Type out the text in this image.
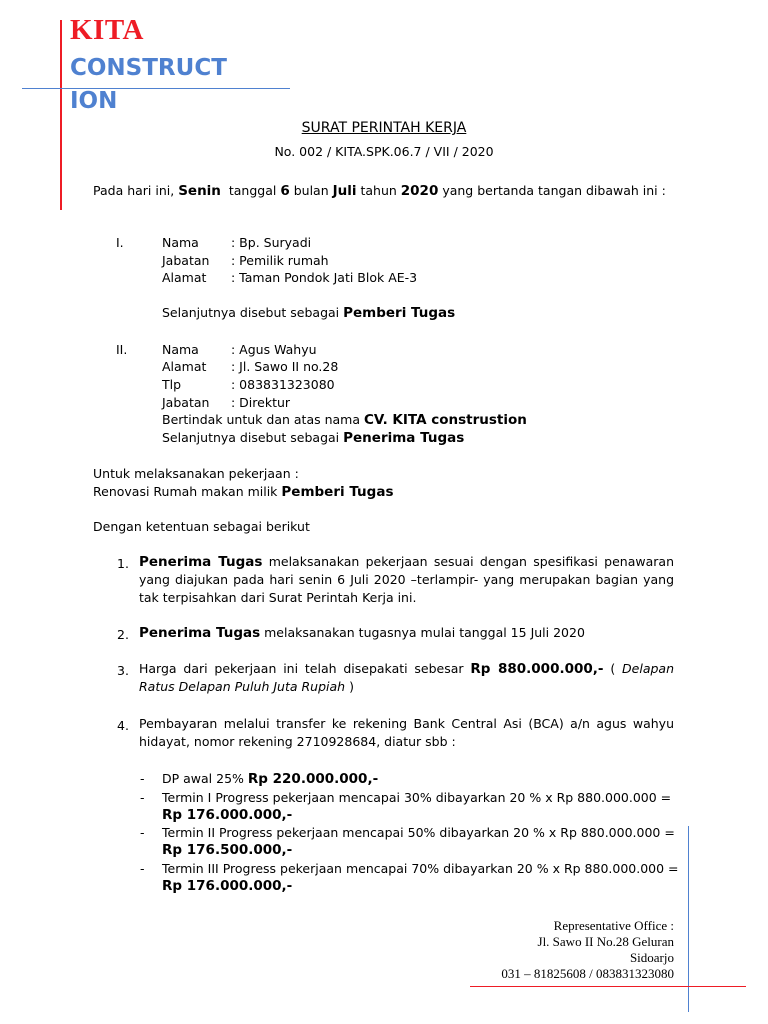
KITA
CONSTRUCT
ION
SURAT PERINTAH KERJA
No. 002 / KITA.SPK.06.7 / VII / 2020
Pada hari ini, Senin  tanggal 6 bulan Juli tahun 2020 yang bertanda tangan dibawah ini :
I.	Nama	: Bp. Suryadi
Jabatan : Pemilik rumah
Alamat : Taman Pondok Jati Blok AE-3
Selanjutnya disebut sebagai Pemberi Tugas
II.	Nama	: Agus Wahyu
Alamat : Jl. Sawo II no.28
Tlp	: 083831323080
Jabatan : Direktur
Bertindak untuk dan atas nama CV. KITA construstion
Selanjutnya disebut sebagai Penerima Tugas
Untuk melaksanakan pekerjaan :
Renovasi Rumah makan milik Pemberi Tugas
Dengan ketentuan sebagai berikut
1. Penerima Tugas melaksanakan pekerjaan sesuai dengan spesifikasi penawaran yang diajukan pada hari senin 6 Juli 2020 –terlampir- yang merupakan bagian yang tak terpisahkan dari Surat Perintah Kerja ini.
2. Penerima Tugas melaksanakan tugasnya mulai tanggal 15 Juli 2020
3. Harga dari pekerjaan ini telah disepakati sebesar Rp 880.000.000,- ( Delapan Ratus Delapan Puluh Juta Rupiah )
4. Pembayaran melalui transfer ke rekening Bank Central Asi (BCA) a/n agus wahyu hidayat, nomor rekening 2710928684, diatur sbb :
- DP awal 25% Rp 220.000.000,-
- Termin I Progress pekerjaan mencapai 30% dibayarkan 20 % x Rp 880.000.000 =
Rp 176.000.000,-
- Termin II Progress pekerjaan mencapai 50% dibayarkan 20 % x Rp 880.000.000 =
Rp 176.500.000,-
- Termin III Progress pekerjaan mencapai 70% dibayarkan 20 % x Rp 880.000.000 =
Rp 176.000.000,-
Representative Office :
Jl. Sawo II No.28 Geluran
Sidoarjo
031 – 81825608 / 083831323080
